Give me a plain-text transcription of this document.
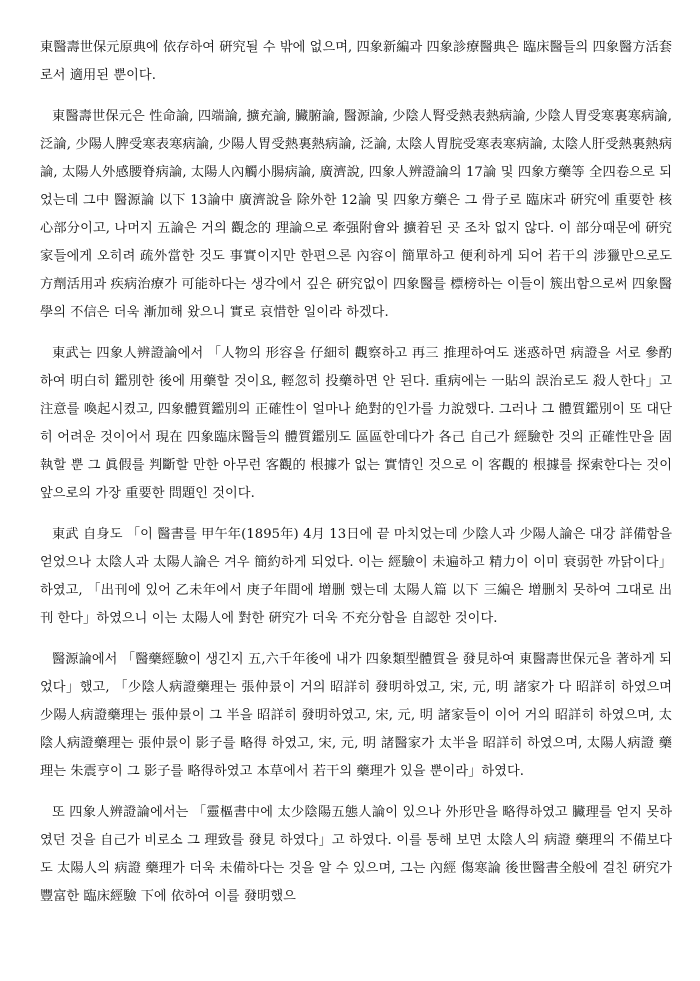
東醫壽世保元原典에 依存하여 硏究될 수 밖에 없으며, 四象新編과 四象診療醫典은 臨床醫들의 四象醫方活套로서 適用된 뿐이다.

東醫壽世保元은 性命論, 四端論, 擴充論, 臟腑論, 醫源論, 少陰人腎受熱表熱病論, 少陰人胃受寒裏寒病論, 泛論, 少陽人脾受寒表寒病論, 少陽人胃受熱裏熱病論, 泛論, 太陰人胃脘受寒表寒病論, 太陰人肝受熱裏熱病論, 太陽人外感腰脊病論, 太陽人內觸小腸病論, 廣濟說, 四象人辨證論의 17論 및 四象方藥等 全四卷으로 되었는데 그中 醫源論 以下 13論中 廣濟說을 除外한 12論 및 四象方藥은 그 骨子로 臨床과 硏究에 重要한 核心部分이고, 나머지 五論은 거의 觀念的 理論으로 牽强附會와 擴着된 곳 조차 없지 않다. 이 部分때문에 硏究家들에게 오히려 疏外當한 것도 事實이지만 한편으론 內容이 簡單하고 便利하게 되어 若干의 涉獵만으로도 方劑活用과 疾病治療가 可能하다는 생각에서 깊은 硏究없이 四象醫를 標榜하는 이들이 簇出함으로써 四象醫學의 不信은 더욱 漸加해 왔으니 實로 哀惜한 일이라 하겠다.

東武는 四象人辨證論에서 「人物의 形容을 仔細히 觀察하고 再三 推理하여도 迷惑하면 病證을 서로 參酌하여 明白히 鑑別한 後에 用藥할 것이요, 輕忽히 投藥하면 안 된다. 重病에는 一貼의 誤治로도 殺人한다」고 注意를 喚起시켰고, 四象體質鑑別의 正確性이 얼마나 絶對的인가를 力說했다. 그러나 그 體質鑑別이 또 대단히 어려운 것이어서 現在 四象臨床醫들의 體質鑑別도 區區한데다가 各己 自己가 經驗한 것의 正確性만을 固執할 뿐 그 眞假를 判斷할 만한 아무런 客觀的 根據가 없는 實情인 것으로 이 客觀的 根據를 探索한다는 것이 앞으로의 가장 重要한 問題인 것이다.

東武 自身도 「이 醫書를 甲午年(1895年) 4月 13日에 끝 마치었는데 少陰人과 少陽人論은 대강 詳備함을 얻었으나 太陰人과 太陽人論은 겨우 簡約하게 되었다. 이는 經驗이 未遍하고 精力이 이미 衰弱한 까닭이다」하였고, 「出刊에 있어 乙未年에서 庚子年間에 增删 했는데 太陽人篇 以下 三編은 增删치 못하여 그대로 出刊 한다」하였으니 이는 太陽人에 對한 硏究가 더욱 不充分함을 自認한 것이다.

醫源論에서 「醫藥經驗이 생긴지 五,六千年後에 내가 四象類型體質을 發見하여 東醫壽世保元을 著하게 되었다」했고, 「少陰人病證藥理는 張仲景이 거의 昭詳히 發明하였고, 宋, 元, 明 諸家가 다 昭詳히 하였으며 少陽人病證藥理는 張仲景이 그 半을 昭詳히 發明하였고, 宋, 元, 明 諸家들이 이어 거의 昭詳히 하였으며, 太陰人病證藥理는 張仲景이 影子를 略得 하였고, 宋, 元, 明 諸醫家가 太半을 昭詳히 하였으며, 太陽人病證 藥理는 朱震亨이 그 影子를 略得하였고 本草에서 若干의 藥理가 있을 뿐이라」하였다.

또 四象人辨證論에서는 「靈樞書中에 太少陰陽五態人論이 있으나 外形만을 略得하였고 臟理를 얻지 못하였던 것을 自己가 비로소 그 理致를 發見 하였다」고 하였다. 이를 통해 보면 太陰人의 病證 藥理의 不備보다도 太陽人의 病證 藥理가 더욱 未備하다는 것을 알 수 있으며, 그는 內經 傷寒論 後世醫書全般에 걸친 硏究가 豐富한 臨床經驗 下에 依하여 이를 發明했으
